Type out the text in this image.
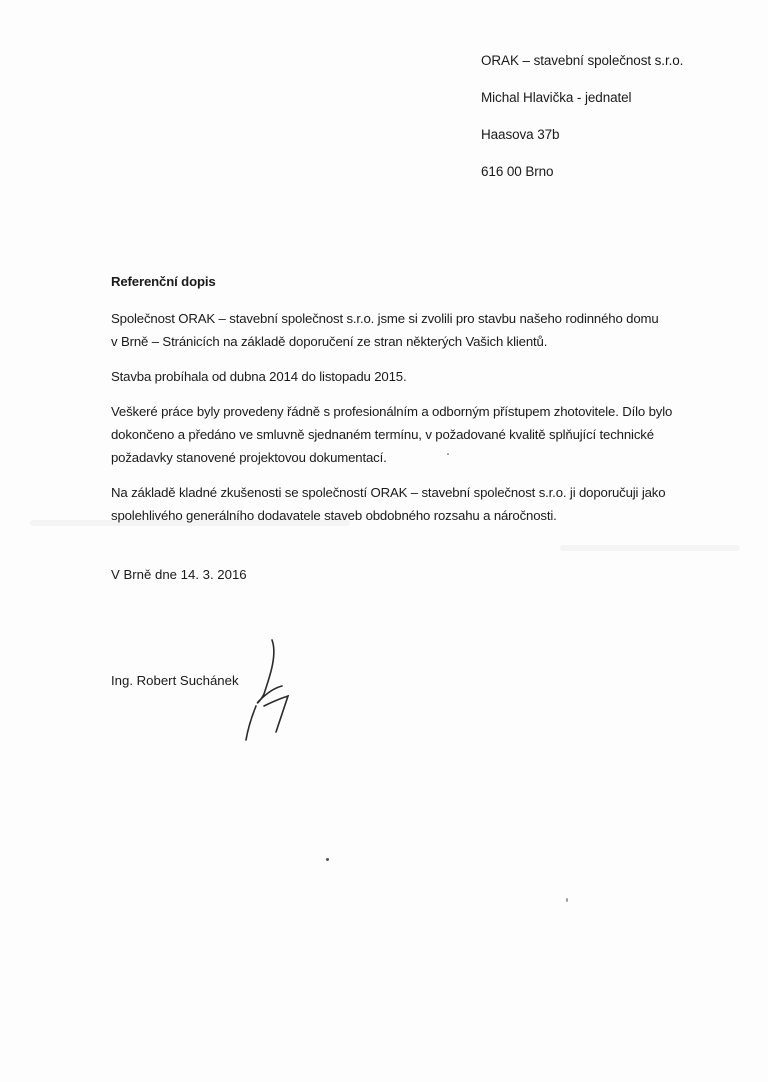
ORAK – stavební společnost s.r.o.
Michal Hlavička - jednatel
Haasova 37b
616 00 Brno
Referenční dopis
Společnost ORAK – stavební společnost s.r.o. jsme si zvolili pro stavbu našeho rodinného domu
v Brně – Stránicích na základě doporučení ze stran některých Vašich klientů.
Stavba probíhala od dubna 2014 do listopadu 2015.
Veškeré práce byly provedeny řádně s profesionálním a odborným přístupem zhotovitele. Dílo bylo
dokončeno a předáno ve smluvně sjednaném termínu, v požadované kvalitě splňující technické
požadavky stanovené projektovou dokumentací.
Na základě kladné zkušenosti se společností ORAK – stavební společnost s.r.o. ji doporučuji jako
spolehlivého generálního dodavatele staveb obdobného rozsahu a náročnosti.
V Brně dne 14. 3. 2016
Ing. Robert Suchánek
